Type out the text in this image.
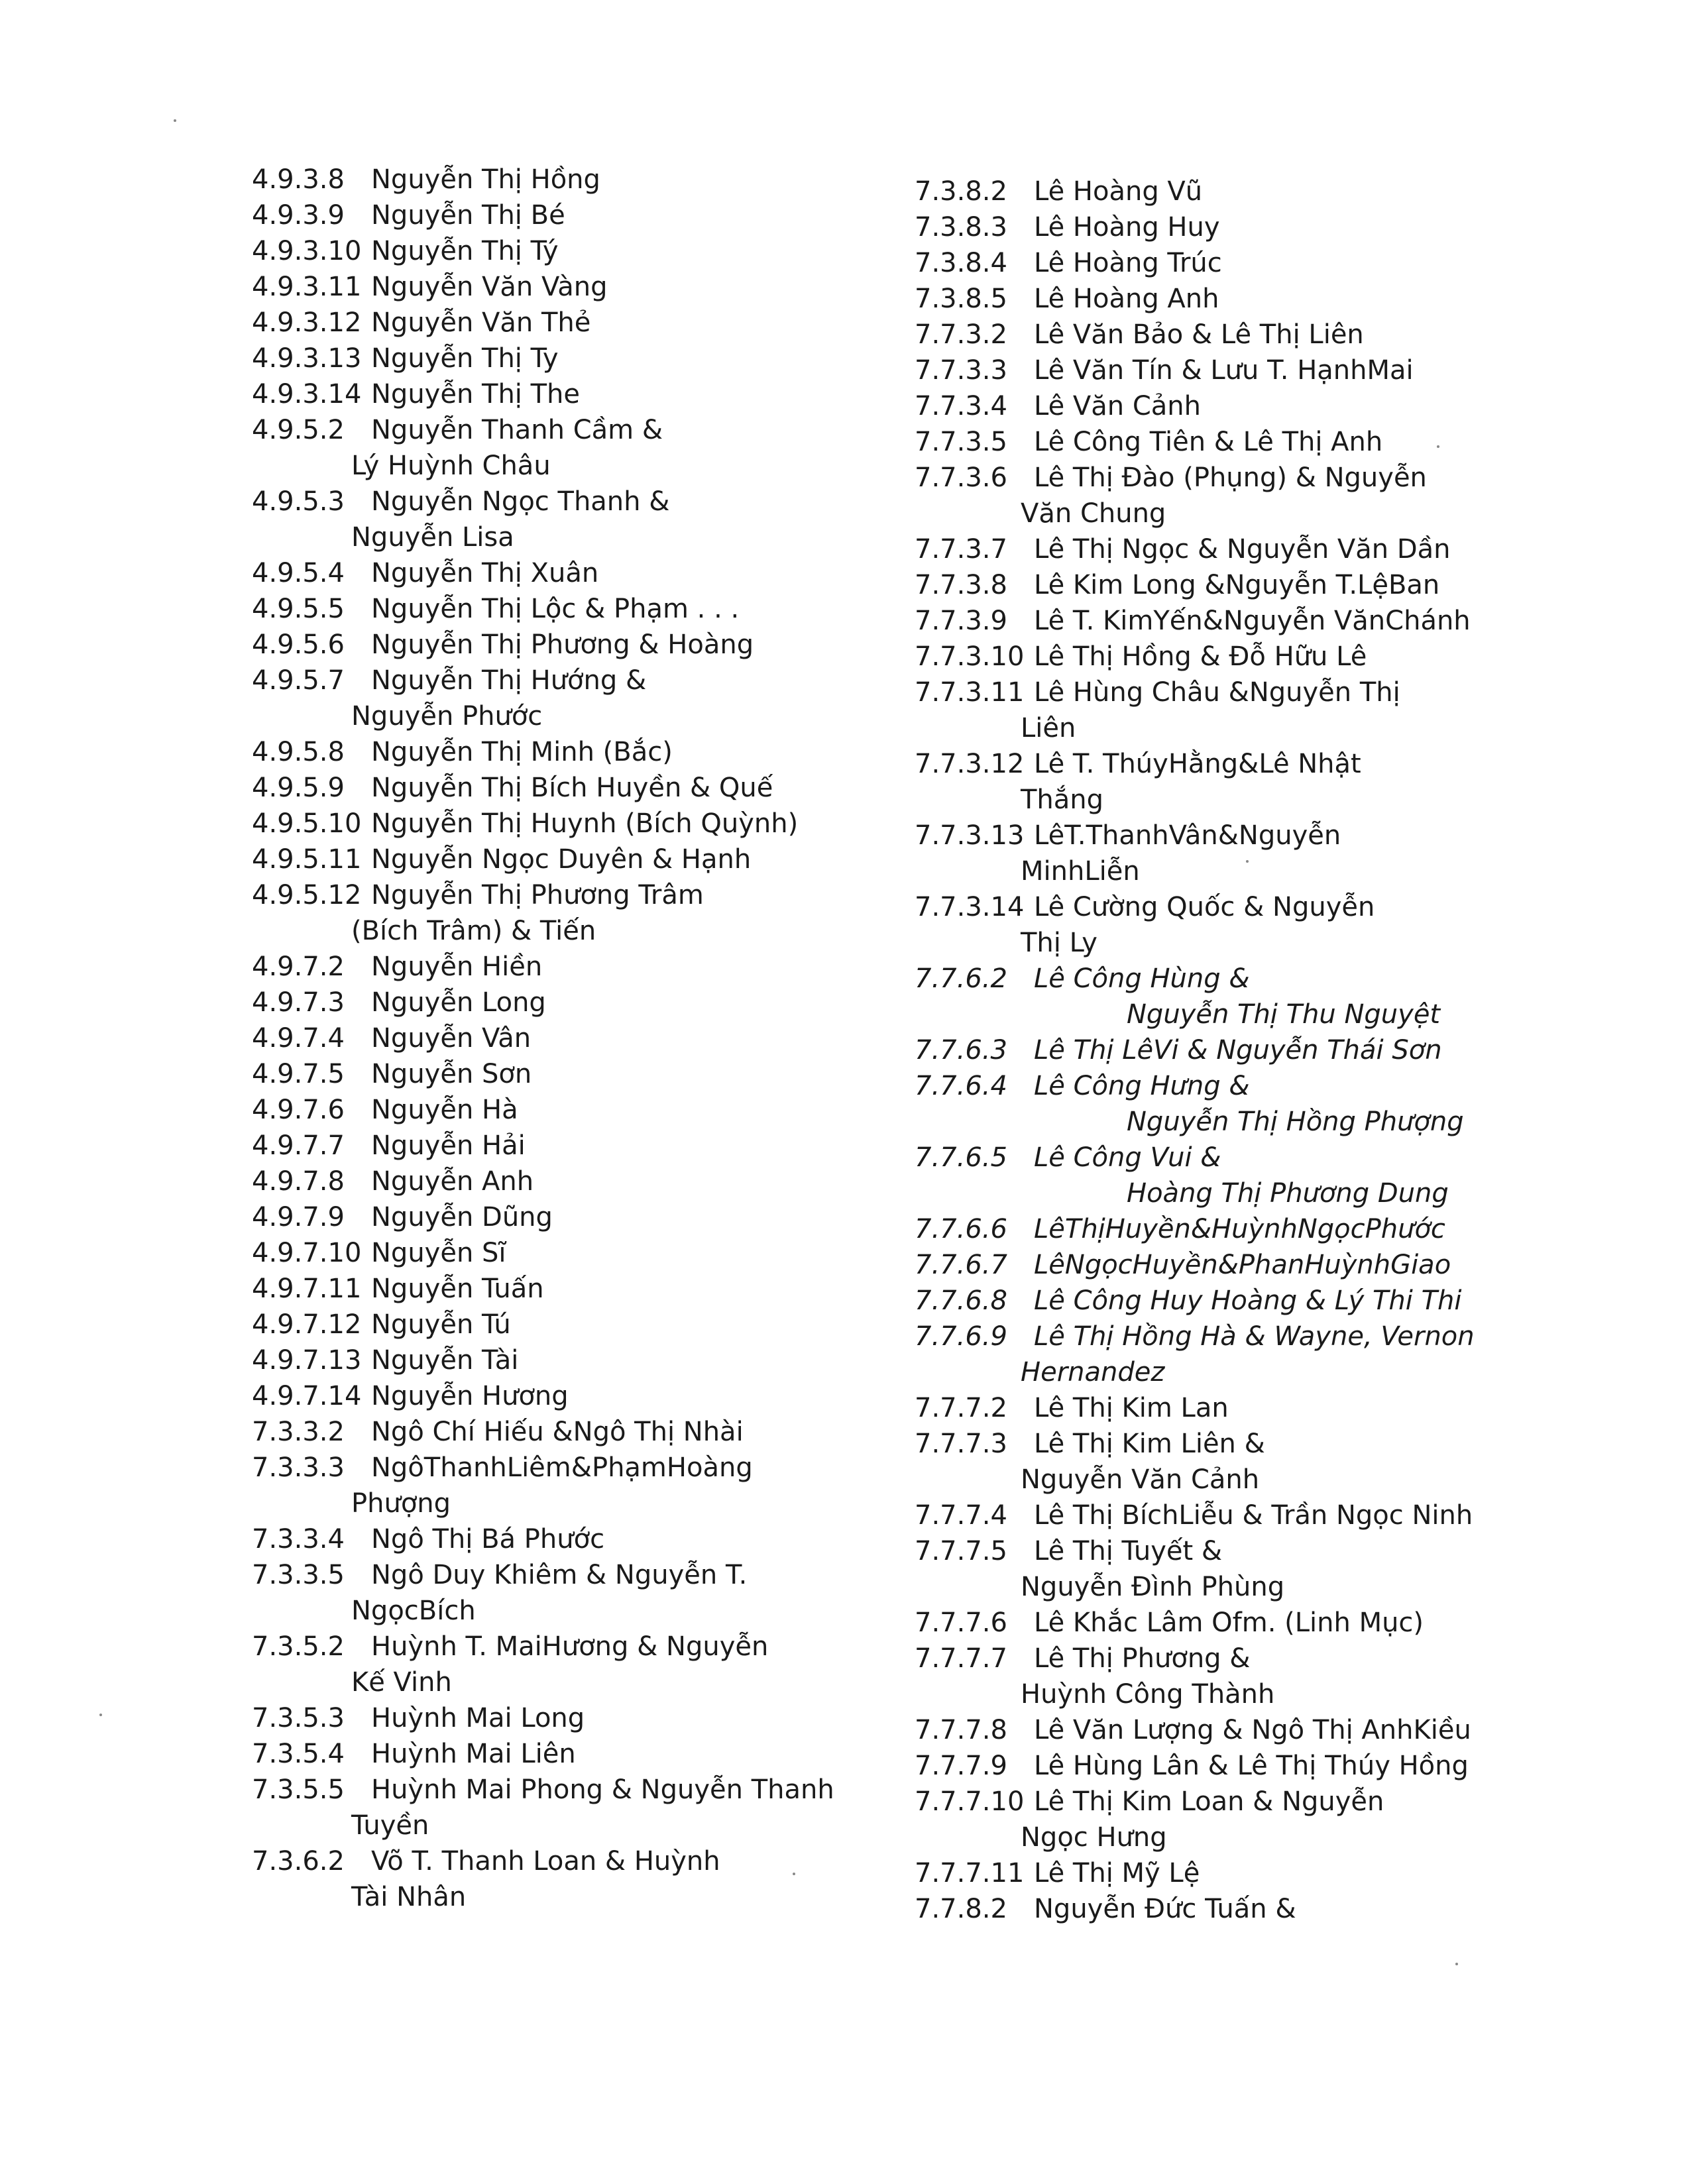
4.9.3.8 Nguyễn Thị Hồng
4.9.3.9 Nguyễn Thị Bé
4.9.3.10 Nguyễn Thị Tý
4.9.3.11 Nguyễn Văn Vàng
4.9.3.12 Nguyễn Văn Thẻ
4.9.3.13 Nguyễn Thị Ty
4.9.3.14 Nguyễn Thị The
4.9.5.2 Nguyễn Thanh Cầm &
Lý Huỳnh Châu
4.9.5.3 Nguyễn Ngọc Thanh &
Nguyễn Lisa
4.9.5.4 Nguyễn Thị Xuân
4.9.5.5 Nguyễn Thị Lộc & Phạm . . .
4.9.5.6 Nguyễn Thị Phương & Hoàng
4.9.5.7 Nguyễn Thị Hướng &
Nguyễn Phước
4.9.5.8 Nguyễn Thị Minh (Bắc)
4.9.5.9 Nguyễn Thị Bích Huyền & Quế
4.9.5.10 Nguyễn Thị Huynh (Bích Quỳnh)
4.9.5.11 Nguyễn Ngọc Duyên & Hạnh
4.9.5.12 Nguyễn Thị Phương Trâm
(Bích Trâm) & Tiến
4.9.7.2 Nguyễn Hiền
4.9.7.3 Nguyễn Long
4.9.7.4 Nguyễn Vân
4.9.7.5 Nguyễn Sơn
4.9.7.6 Nguyễn Hà
4.9.7.7 Nguyễn Hải
4.9.7.8 Nguyễn Anh
4.9.7.9 Nguyễn Dũng
4.9.7.10 Nguyễn Sĩ
4.9.7.11 Nguyễn Tuấn
4.9.7.12 Nguyễn Tú
4.9.7.13 Nguyễn Tài
4.9.7.14 Nguyễn Hương
7.3.3.2 Ngô Chí Hiếu &Ngô Thị Nhài
7.3.3.3 NgôThanhLiêm&PhạmHoàng
Phượng
7.3.3.4 Ngô Thị Bá Phước
7.3.3.5 Ngô Duy Khiêm & Nguyễn T.
NgọcBích
7.3.5.2 Huỳnh T. MaiHương & Nguyễn
Kế Vinh
7.3.5.3 Huỳnh Mai Long
7.3.5.4 Huỳnh Mai Liên
7.3.5.5 Huỳnh Mai Phong & Nguyễn Thanh
Tuyền
7.3.6.2 Võ T. Thanh Loan & Huỳnh
Tài Nhân
7.3.8.2 Lê Hoàng Vũ
7.3.8.3 Lê Hoàng Huy
7.3.8.4 Lê Hoàng Trúc
7.3.8.5 Lê Hoàng Anh
7.7.3.2 Lê Văn Bảo & Lê Thị Liên
7.7.3.3 Lê Văn Tín & Lưu T. HạnhMai
7.7.3.4 Lê Văn Cảnh
7.7.3.5 Lê Công Tiên & Lê Thị Anh
7.7.3.6 Lê Thị Đào (Phụng) & Nguyễn
Văn Chung
7.7.3.7 Lê Thị Ngọc & Nguyễn Văn Dần
7.7.3.8 Lê Kim Long &Nguyễn T.LệBan
7.7.3.9 Lê T. KimYến&Nguyễn VănChánh
7.7.3.10 Lê Thị Hồng & Đỗ Hữu Lê
7.7.3.11 Lê Hùng Châu &Nguyễn Thị
Liên
7.7.3.12 Lê T. ThúyHằng&Lê Nhật
Thắng
7.7.3.13 LêT.ThanhVân&Nguyễn
MinhLiễn
7.7.3.14 Lê Cường Quốc & Nguyễn
Thị Ly
7.7.6.2 Lê Công Hùng &
Nguyễn Thị Thu Nguyệt
7.7.6.3 Lê Thị LêVi & Nguyễn Thái Sơn
7.7.6.4 Lê Công Hưng &
Nguyễn Thị Hồng Phượng
7.7.6.5 Lê Công Vui &
Hoàng Thị Phương Dung
7.7.6.6 LêThịHuyền&HuỳnhNgọcPhước
7.7.6.7 LêNgọcHuyền&PhanHuỳnhGiao
7.7.6.8 Lê Công Huy Hoàng & Lý Thi Thi
7.7.6.9 Lê Thị Hồng Hà & Wayne, Vernon
Hernandez
7.7.7.2 Lê Thị Kim Lan
7.7.7.3 Lê Thị Kim Liên &
Nguyễn Văn Cảnh
7.7.7.4 Lê Thị BíchLiễu & Trần Ngọc Ninh
7.7.7.5 Lê Thị Tuyết &
Nguyễn Đình Phùng
7.7.7.6 Lê Khắc Lâm Ofm. (Linh Mục)
7.7.7.7 Lê Thị Phương &
Huỳnh Công Thành
7.7.7.8 Lê Văn Lượng & Ngô Thị AnhKiều
7.7.7.9 Lê Hùng Lân & Lê Thị Thúy Hồng
7.7.7.10 Lê Thị Kim Loan & Nguyễn
Ngọc Hưng
7.7.7.11 Lê Thị Mỹ Lệ
7.7.8.2 Nguyễn Đức Tuấn &
